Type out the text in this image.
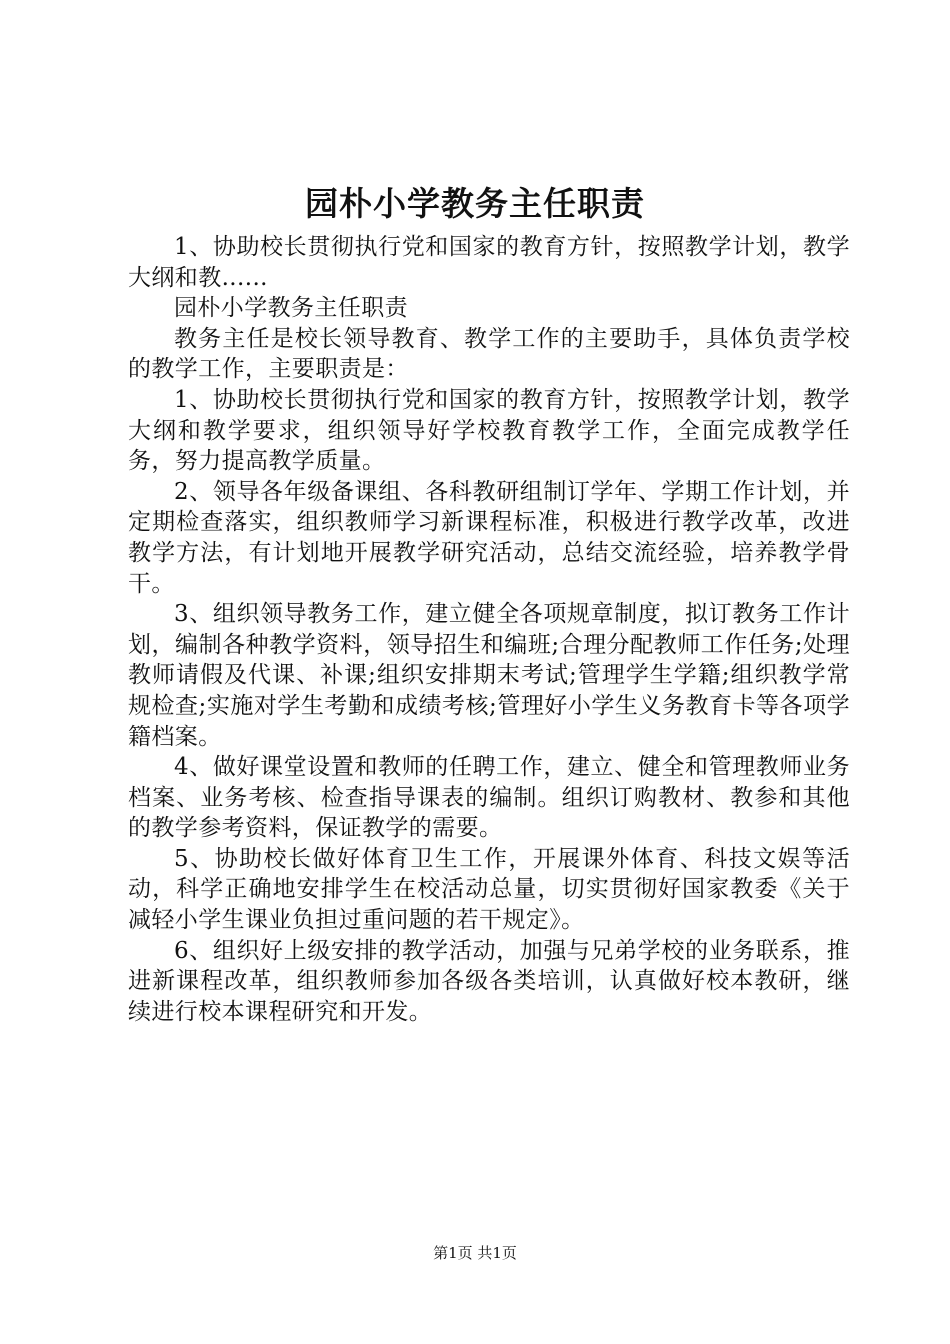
园朴小学教务主任职责

1、协助校长贯彻执行党和国家的教育方针，按照教学计划，教学大纲和教......

园朴小学教务主任职责

教务主任是校长领导教育、教学工作的主要助手，具体负责学校的教学工作，主要职责是：

1、协助校长贯彻执行党和国家的教育方针，按照教学计划，教学大纲和教学要求，组织领导好学校教育教学工作，全面完成教学任务，努力提高教学质量。

2、领导各年级备课组、各科教研组制订学年、学期工作计划，并定期检查落实，组织教师学习新课程标准，积极进行教学改革，改进教学方法，有计划地开展教学研究活动，总结交流经验，培养教学骨干。

3、组织领导教务工作，建立健全各项规章制度，拟订教务工作计划，编制各种教学资料，领导招生和编班;合理分配教师工作任务;处理教师请假及代课、补课;组织安排期末考试;管理学生学籍;组织教学常规检查;实施对学生考勤和成绩考核;管理好小学生义务教育卡等各项学籍档案。

4、做好课堂设置和教师的任聘工作，建立、健全和管理教师业务档案、业务考核、检查指导课表的编制。组织订购教材、教参和其他的教学参考资料，保证教学的需要。

5、协助校长做好体育卫生工作，开展课外体育、科技文娱等活动，科学正确地安排学生在校活动总量，切实贯彻好国家教委《关于减轻小学生课业负担过重问题的若干规定》。

6、组织好上级安排的教学活动，加强与兄弟学校的业务联系，推进新课程改革，组织教师参加各级各类培训，认真做好校本教研，继续进行校本课程研究和开发。

第1页 共1页
